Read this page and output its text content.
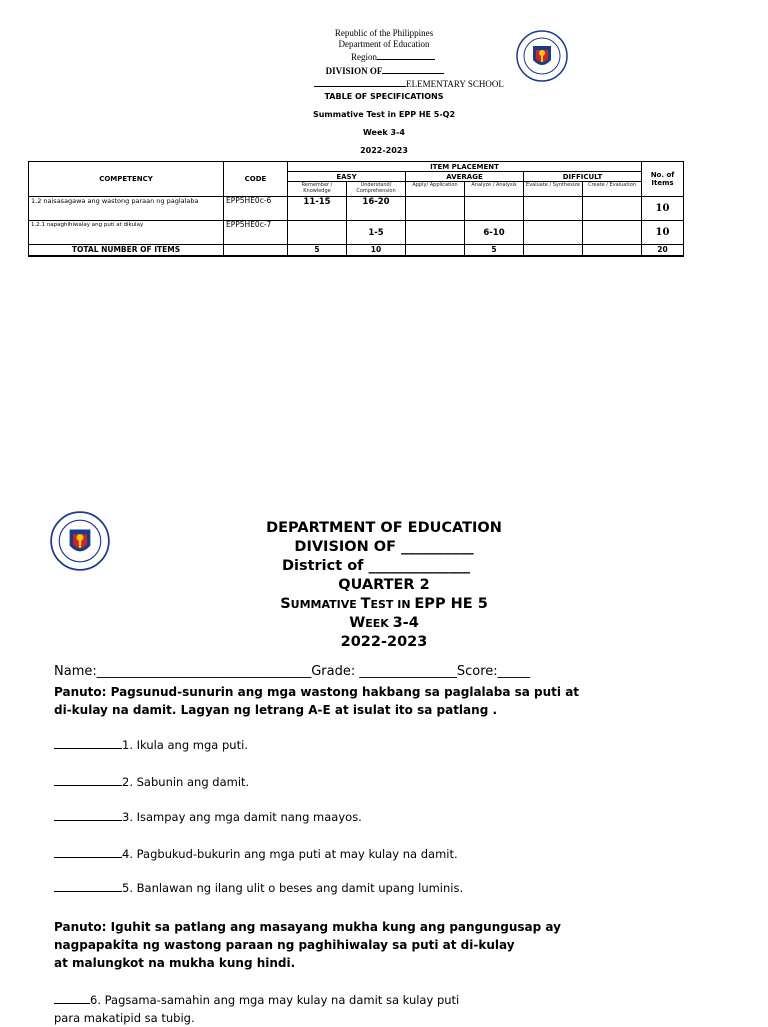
Republic of the Philippines
Department of Education
Region
DIVISION OF
ELEMENTARY SCHOOL
TABLE OF SPECIFICATIONS
Summative Test in EPP HE 5-Q2
Week 3-4
2022-2023
COMPETENCY	CODE	ITEM PLACEMENT						No. of Items
		EASY		AVERAGE		DIFFICULT		
		Remember / Knowledge	Understand/ Comprehension	Apply/ Application	Analyze / Analysis	Evaluate / Synthesize	Create / Evaluation	
1.2 naisasagawa ang wastong paraan ng paglalaba	EPP5HE0c-6	11-15	16-20					10
1.2.1 napaghihiwalay ang puti at dikulay	EPP5HE0c-7		1-5		6-10			10
TOTAL NUMBER OF ITEMS		5	10		5			20
DEPARTMENT OF EDUCATION
DIVISION OF __________
District of ______________
QUARTER 2
SUMMATIVE TEST IN EPP HE 5
WEEK 3-4
2022-2023
Name:_________________________________Grade: _______________Score:_____
Panuto: Pagsunud-sunurin ang mga wastong hakbang sa paglalaba sa puti at
di-kulay na damit. Lagyan ng letrang A-E at isulat ito sa patlang .
1. Ikula ang mga puti.
2. Sabunin ang damit.
3. Isampay ang mga damit nang maayos.
4. Pagbukud-bukurin ang mga puti at may kulay na damit.
5. Banlawan ng ilang ulit o beses ang damit upang luminis.
Panuto: Iguhit sa patlang ang masayang mukha kung ang pangungusap ay
nagpapakita ng wastong paraan ng paghihiwalay sa puti at di-kulay
at malungkot na mukha kung hindi.
6. Pagsama-samahin ang mga may kulay na damit sa kulay puti
para makatipid sa tubig.
